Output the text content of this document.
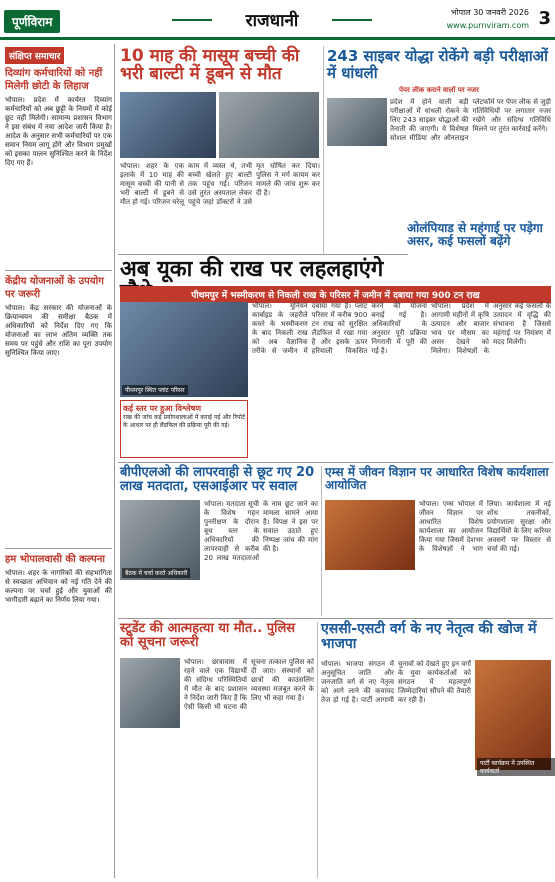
पूर्णविराम	राजधानी	भोपाल 30 जनवरी 2026
www.purnviram.com 3
संक्षिप्त समाचार
दिव्यांग कर्मचारियों को नहीं मिलेगी छोटी के लिहाज
भोपाल। प्रदेश में कार्यरत दिव्यांग कर्मचारियों को अब छुट्टी के नियमों में कोई छूट नहीं मिलेगी। सामान्य प्रशासन विभाग ने इस संबंध में नया आदेश जारी किया है। आदेश के अनुसार सभी कर्मचारियों पर एक समान नियम लागू होंगे और विभाग प्रमुखों को इसका पालन सुनिश्चित करने के निर्देश दिए गए हैं।
केंद्रीय योजनाओं के उपयोग पर जरूरी
भोपाल। केंद्र सरकार की योजनाओं के क्रियान्वयन की समीक्षा बैठक में अधिकारियों को निर्देश दिए गए कि योजनाओं का लाभ अंतिम व्यक्ति तक समय पर पहुंचे और राशि का पूरा उपयोग सुनिश्चित किया जाए।
हम भोपालवासी की कल्पना
भोपाल। शहर के नागरिकों की सहभागिता से स्वच्छता अभियान को नई गति देने की कल्पना पर चर्चा हुई और युवाओं की भागीदारी बढ़ाने का निर्णय लिया गया।
10 माह की मासूम बच्ची की भरी बाल्टी में डूबने से मौत
भोपाल। शहर के एक इलाके में 10 माह की मासूम बच्ची की पानी से भरी बाल्टी में डूबने से मौत हो गई। परिजन घरेलू काम में व्यस्त थे, तभी बच्ची खेलते हुए बाल्टी तक पहुंच गई। परिजन उसे तुरंत अस्पताल लेकर पहुंचे जहां डॉक्टरों ने उसे मृत घोषित कर दिया। पुलिस ने मर्ग कायम कर मामले की जांच शुरू कर दी है।
243 साइबर योद्धा रोकेंगे बड़ी परीक्षाओं में धांधली
पेपर लीक कराने वालों पर नजर
प्रदेश में होने वाली बड़ी परीक्षाओं में धांधली रोकने के लिए 243 साइबर योद्धाओं की तैनाती की जाएगी। ये विशेषज्ञ सोशल मीडिया और ऑनलाइन प्लेटफॉर्म पर पेपर लीक से जुड़ी गतिविधियों पर लगातार नजर रखेंगे और संदिग्ध गतिविधि मिलने पर तुरंत कार्रवाई करेंगे।
ओलंपियाड से महंगाई पर पड़ेगा असर, कई फसलों बढ़ेंगे
अब यूका की राख पर लहलहाएंगे
पीथमपुर में भस्मीकरण से निकली राख के परिसर में जमीन में दबाया गया 900 टन राख
पीथमपुर स्थित प्लांट परिसर
भोपाल। यूनियन कार्बाइड के जहरीले कचरे के भस्मीकरण के बाद निकली राख को अब वैज्ञानिक तरीके से जमीन में दबाया गया है। प्लांट परिसर में करीब 900 टन राख को सुरक्षित लैंडफिल में रखा गया है और इसके ऊपर हरियाली विकसित करने की योजना बनाई गई है। अधिकारियों के अनुसार पूरी प्रक्रिया निगरानी में पूरी की गई है।
कई स्तर पर हुआ विश्लेषण
राख की जांच कई प्रयोगशालाओं में कराई गई और रिपोर्ट के आधार पर ही लैंडफिल की प्रक्रिया पूरी की गई।
भोपाल। प्रदेश में आगामी महीनों में कृषि उत्पादन और बाजार भाव पर मौसम का असर देखने को मिलेगा। विशेषज्ञों के अनुसार कई फसलों के उत्पादन में वृद्धि की संभावना है जिससे महंगाई पर नियंत्रण में मदद मिलेगी।
बीपीएलओ की लापरवाही से छूट गए 20 लाख मतदाता, एसआईआर पर सवाल
बैठक में चर्चा करते अधिकारी
भोपाल। मतदाता सूची के विशेष गहन पुनरीक्षण के दौरान बूथ स्तर के अधिकारियों की लापरवाही से करीब 20 लाख मतदाताओं के नाम छूट जाने का मामला सामने आया है। विपक्ष ने इस पर सवाल उठाते हुए निष्पक्ष जांच की मांग की है।
एम्स में जीवन विज्ञान पर आधारित विशेष कार्यशाला आयोजित
भोपाल। एम्स भोपाल में जीवन विज्ञान पर आधारित विशेष कार्यशाला का आयोजन किया गया जिसमें देशभर के विशेषज्ञों ने भाग लिया। कार्यशाला में नई शोध तकनीकों, प्रयोगशाला सुरक्षा और विद्यार्थियों के लिए करियर अवसरों पर विस्तार से चर्चा की गई।
स्टूडेंट की आत्महत्या या मौत.. पुलिस को सूचना जरूरी
भोपाल। छात्रावास में रहने वाले एक विद्यार्थी की संदिग्ध परिस्थितियों में मौत के बाद प्रशासन ने निर्देश जारी किए हैं कि ऐसी किसी भी घटना की सूचना तत्काल पुलिस को दी जाए। संस्थानों को छात्रों की काउंसलिंग व्यवस्था मजबूत करने के लिए भी कहा गया है।
एससी-एसटी वर्ग के नए नेतृत्व की खोज में भाजपा
भोपाल। भाजपा संगठन में अनुसूचित जाति और जनजाति वर्ग से नए नेतृत्व को आगे लाने की कवायद तेज हो गई है। पार्टी आगामी चुनावों को देखते हुए इन वर्गों के युवा कार्यकर्ताओं को संगठन में महत्वपूर्ण जिम्मेदारियां सौंपने की तैयारी कर रही है।
पार्टी कार्यक्रम में उपस्थित कार्यकर्ता
